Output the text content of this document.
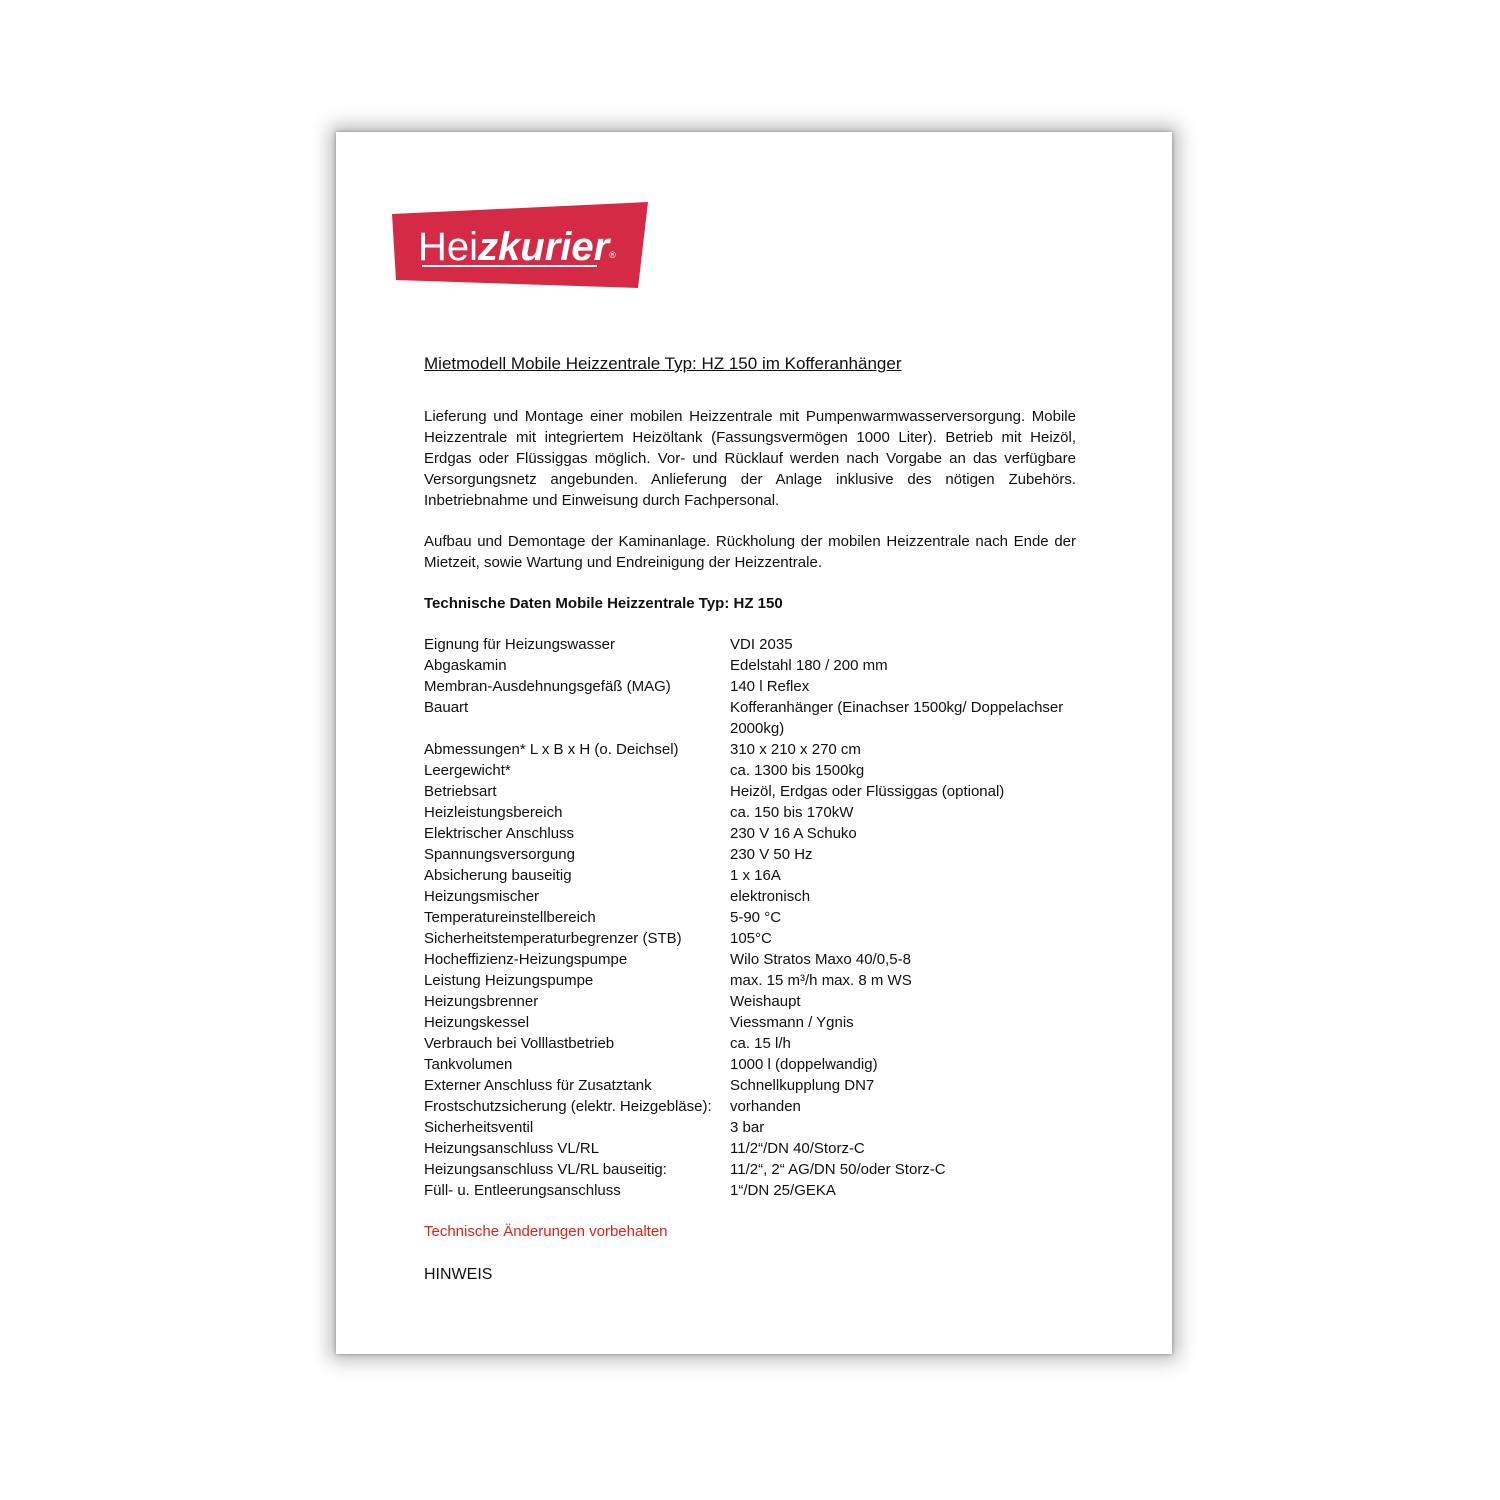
Heizkurier®
Mietmodell Mobile Heizzentrale Typ: HZ 150 im Kofferanhänger

Lieferung und Montage einer mobilen Heizzentrale mit Pumpenwarmwasserversorgung. Mobile Heizzentrale mit integriertem Heizöltank (Fassungsvermögen 1000 Liter). Betrieb mit Heizöl, Erdgas oder Flüssiggas möglich. Vor- und Rücklauf werden nach Vorgabe an das verfügbare Versorgungsnetz angebunden. Anlieferung der Anlage inklusive des nötigen Zubehörs. Inbetriebnahme und Einweisung durch Fachpersonal.

Aufbau und Demontage der Kaminanlage. Rückholung der mobilen Heizzentrale nach Ende der Mietzeit, sowie Wartung und Endreinigung der Heizzentrale.

Technische Daten Mobile Heizzentrale Typ: HZ 150
Eignung für Heizungswasser	VDI 2035
Abgaskamin	Edelstahl 180 / 200 mm
Membran-Ausdehnungsgefäß (MAG)	140 l Reflex
Bauart	Kofferanhänger (Einachser 1500kg/ Doppelachser 2000kg)
Abmessungen* L x B x H (o. Deichsel)	310 x 210 x 270 cm
Leergewicht*	ca. 1300 bis 1500kg
Betriebsart	Heizöl, Erdgas oder Flüssiggas (optional)
Heizleistungsbereich	ca. 150 bis 170kW
Elektrischer Anschluss	230 V 16 A Schuko
Spannungsversorgung	230 V 50 Hz
Absicherung bauseitig	1 x 16A
Heizungsmischer	elektronisch
Temperatureinstellbereich	5-90 °C
Sicherheitstemperaturbegrenzer (STB)	105°C
Hocheffizienz-Heizungspumpe	Wilo Stratos Maxo 40/0,5-8
Leistung Heizungspumpe	max. 15 m³/h max. 8 m WS
Heizungsbrenner	Weishaupt
Heizungskessel	Viessmann / Ygnis
Verbrauch bei Volllastbetrieb	ca. 15 l/h
Tankvolumen	1000 l (doppelwandig)
Externer Anschluss für Zusatztank	Schnellkupplung DN7
Frostschutzsicherung (elektr. Heizgebläse):	vorhanden
Sicherheitsventil	3 bar
Heizungsanschluss VL/RL	11/2“/DN 40/Storz-C
Heizungsanschluss VL/RL bauseitig:	11/2“, 2“ AG/DN 50/oder Storz-C
Füll- u. Entleerungsanschluss	1“/DN 25/GEKA
Technische Änderungen vorbehalten
HINWEIS
